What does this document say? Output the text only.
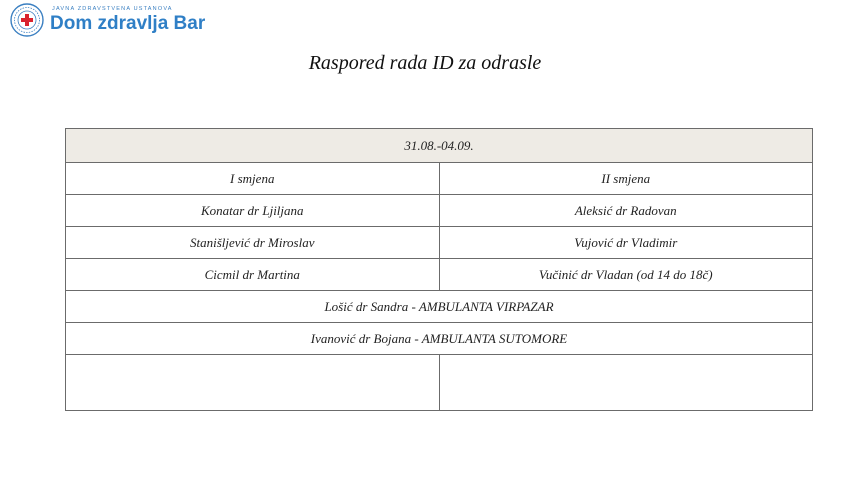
JAVNA ZDRAVSTVENA USTANOVA
Dom zdravlja Bar
Raspored rada ID za odrasle
31.08.-04.09.	
I smjena	II smjena
Konatar dr Ljiljana	Aleksić dr Radovan
Stanišljević dr Miroslav	Vujović dr Vladimir
Cicmil dr Martina	Vučinić dr Vladan (od 14 do 18č)
Lošić dr Sandra - AMBULANTA VIRPAZAR	
Ivanović dr Bojana - AMBULANTA SUTOMORE	
